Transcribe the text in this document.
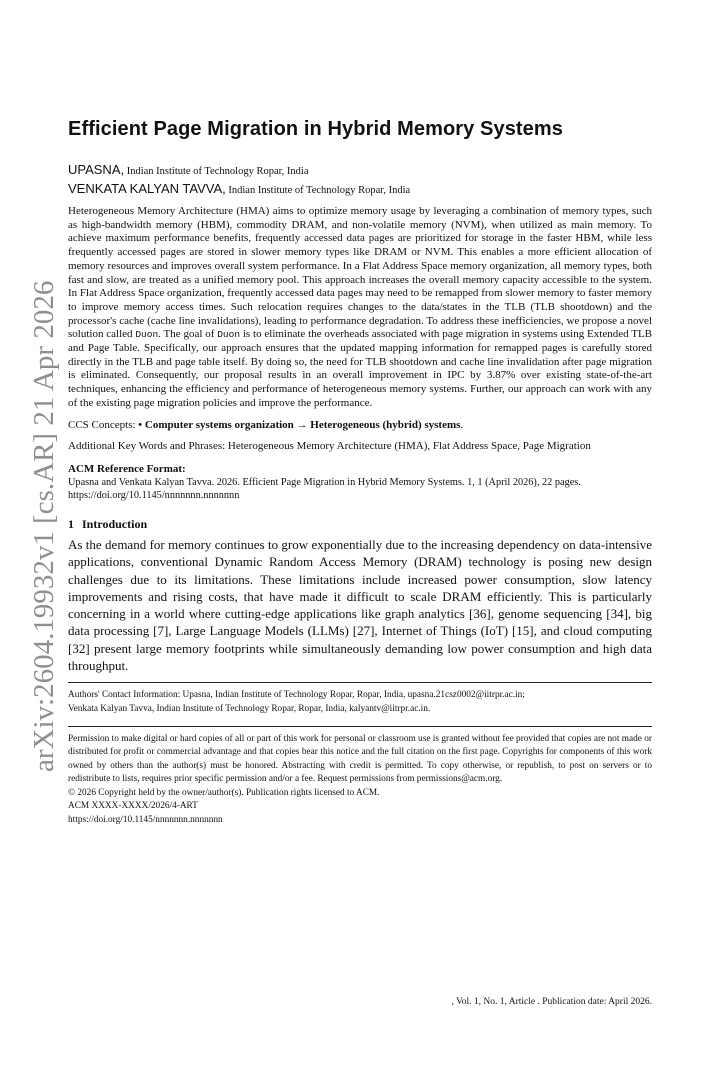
arXiv:2604.19932v1 [cs.AR] 21 Apr 2026
Efficient Page Migration in Hybrid Memory Systems
UPASNA, Indian Institute of Technology Ropar, India
VENKATA KALYAN TAVVA, Indian Institute of Technology Ropar, India

Heterogeneous Memory Architecture (HMA) aims to optimize memory usage by leveraging a combination of memory types, such as high-bandwidth memory (HBM), commodity DRAM, and non-volatile memory (NVM), when utilized as main memory. To achieve maximum performance benefits, frequently accessed data pages are prioritized for storage in the faster HBM, while less frequently accessed pages are stored in slower memory types like DRAM or NVM. This enables a more efficient allocation of memory resources and improves overall system performance. In a Flat Address Space memory organization, all memory types, both fast and slow, are treated as a unified memory pool. This approach increases the overall memory capacity accessible to the system. In Flat Address Space organization, frequently accessed data pages may need to be remapped from slower memory to faster memory to improve memory access times. Such relocation requires changes to the data/states in the TLB (TLB shootdown) and the processor's cache (cache line invalidations), leading to performance degradation. To address these inefficiencies, we propose a novel solution called Duon. The goal of Duon is to eliminate the overheads associated with page migration in systems using Extended TLB and Page Table. Specifically, our approach ensures that the updated mapping information for remapped pages is carefully stored directly in the TLB and page table itself. By doing so, the need for TLB shootdown and cache line invalidation after page migration is eliminated. Consequently, our proposal results in an overall improvement in IPC by 3.87% over existing state-of-the-art techniques, enhancing the efficiency and performance of heterogeneous memory systems. Further, our approach can work with any of the existing page migration policies and improve the performance.

CCS Concepts: • Computer systems organization → Heterogeneous (hybrid) systems.
Additional Key Words and Phrases: Heterogeneous Memory Architecture (HMA), Flat Address Space, Page Migration
ACM Reference Format:
Upasna and Venkata Kalyan Tavva. 2026. Efficient Page Migration in Hybrid Memory Systems. 1, 1 (April 2026), 22 pages. https://doi.org/10.1145/nnnnnnn.nnnnnnn
1 Introduction

As the demand for memory continues to grow exponentially due to the increasing dependency on data-intensive applications, conventional Dynamic Random Access Memory (DRAM) technology is posing new design challenges due to its limitations. These limitations include increased power consumption, slow latency improvements and rising costs, that have made it difficult to scale DRAM efficiently. This is particularly concerning in a world where cutting-edge applications like graph analytics [36], genome sequencing [34], big data processing [7], Large Language Models (LLMs) [27], Internet of Things (IoT) [15], and cloud computing [32] present large memory footprints while simultaneously demanding low power consumption and high data throughput.

Authors' Contact Information: Upasna, Indian Institute of Technology Ropar, Ropar, India, upasna.21csz0002@iitrpr.ac.in;
Venkata Kalyan Tavva, Indian Institute of Technology Ropar, Ropar, India, kalyantv@iitrpr.ac.in.
Permission to make digital or hard copies of all or part of this work for personal or classroom use is granted without fee provided that copies are not made or distributed for profit or commercial advantage and that copies bear this notice and the full citation on the first page. Copyrights for components of this work owned by others than the author(s) must be honored. Abstracting with credit is permitted. To copy otherwise, or republish, to post on servers or to redistribute to lists, requires prior specific permission and/or a fee. Request permissions from permissions@acm.org.
© 2026 Copyright held by the owner/author(s). Publication rights licensed to ACM.
ACM XXXX-XXXX/2026/4-ART
https://doi.org/10.1145/nnnnnnn.nnnnnnn
, Vol. 1, No. 1, Article . Publication date: April 2026.
